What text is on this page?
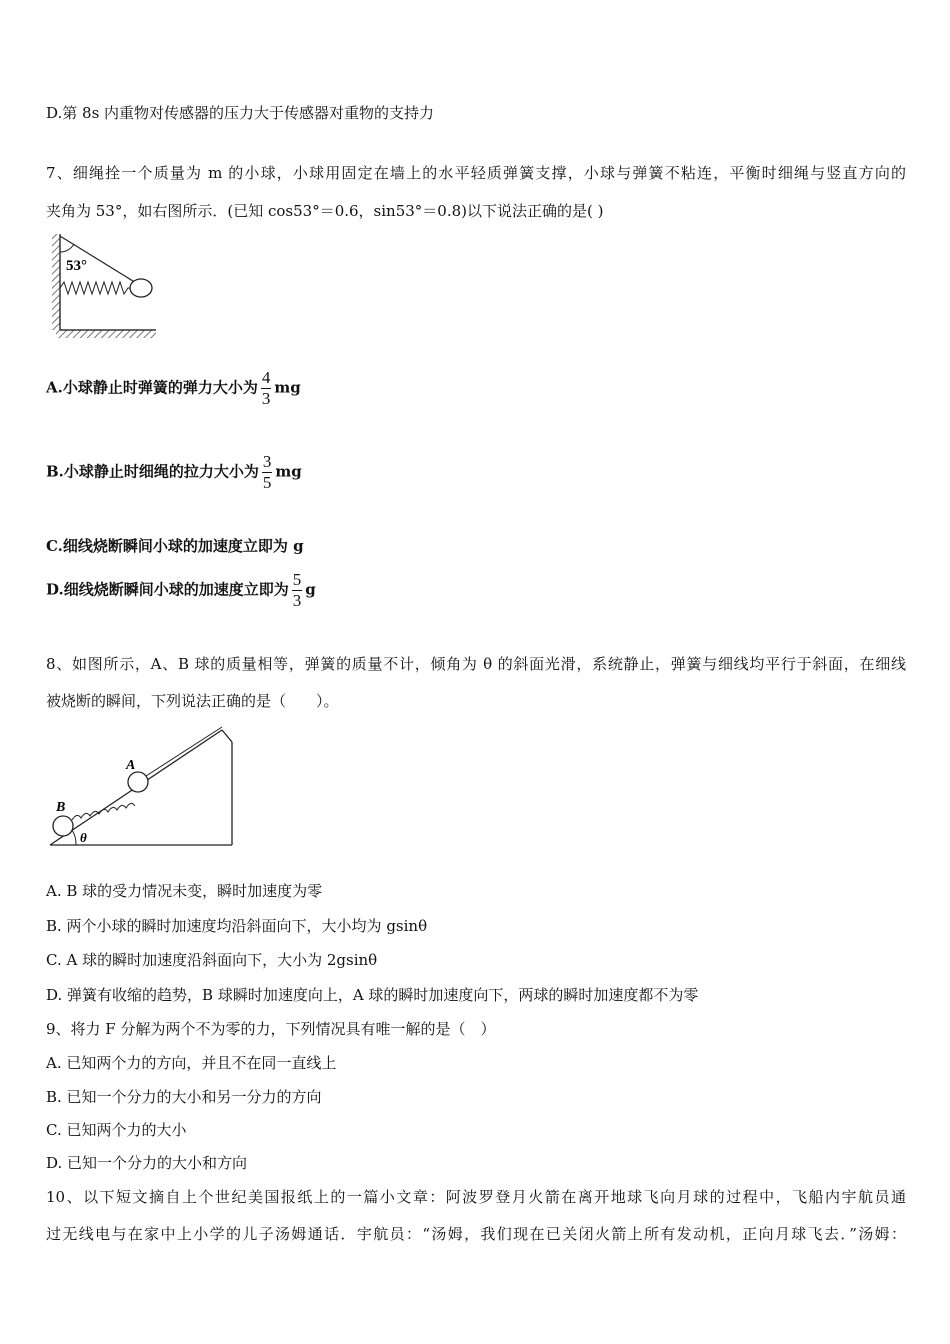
D.第 8s 内重物对传感器的压力大于传感器对重物的支持力
7、细绳拴一个质量为 m 的小球，小球用固定在墙上的水平轻质弹簧支撑，小球与弹簧不粘连，平衡时细绳与竖直方向的
夹角为 53°，如右图所示．(已知 cos53°＝0.6，sin53°＝0.8)以下说法正确的是( )
53°
A.小球静止时弹簧的弹力大小为 $\frac{4}{3}$ mg
B.小球静止时细绳的拉力大小为 $\frac{3}{5}$ mg
C.细线烧断瞬间小球的加速度立即为 g
D.细线烧断瞬间小球的加速度立即为 $\frac{5}{3}$ g
8、如图所示，A、B 球的质量相等，弹簧的质量不计，倾角为 θ 的斜面光滑，系统静止，弹簧与细线均平行于斜面，在细线
被烧断的瞬间，下列说法正确的是（　　）。
A
B
θ
A. B 球的受力情况未变，瞬时加速度为零
B. 两个小球的瞬时加速度均沿斜面向下，大小均为 gsinθ
C. A 球的瞬时加速度沿斜面向下，大小为 2gsinθ
D. 弹簧有收缩的趋势，B 球瞬时加速度向上，A 球的瞬时加速度向下，两球的瞬时加速度都不为零
9、将力 F 分解为两个不为零的力，下列情况具有唯一解的是（　）
A. 已知两个力的方向，并且不在同一直线上
B. 已知一个分力的大小和另一分力的方向
C. 已知两个力的大小
D. 已知一个分力的大小和方向
10、以下短文摘自上个世纪美国报纸上的一篇小文章：阿波罗登月火箭在离开地球飞向月球的过程中，飞船内宇航员通
过无线电与在家中上小学的儿子汤姆通话．宇航员：“汤姆，我们现在已关闭火箭上所有发动机，正向月球飞去．”汤姆：
